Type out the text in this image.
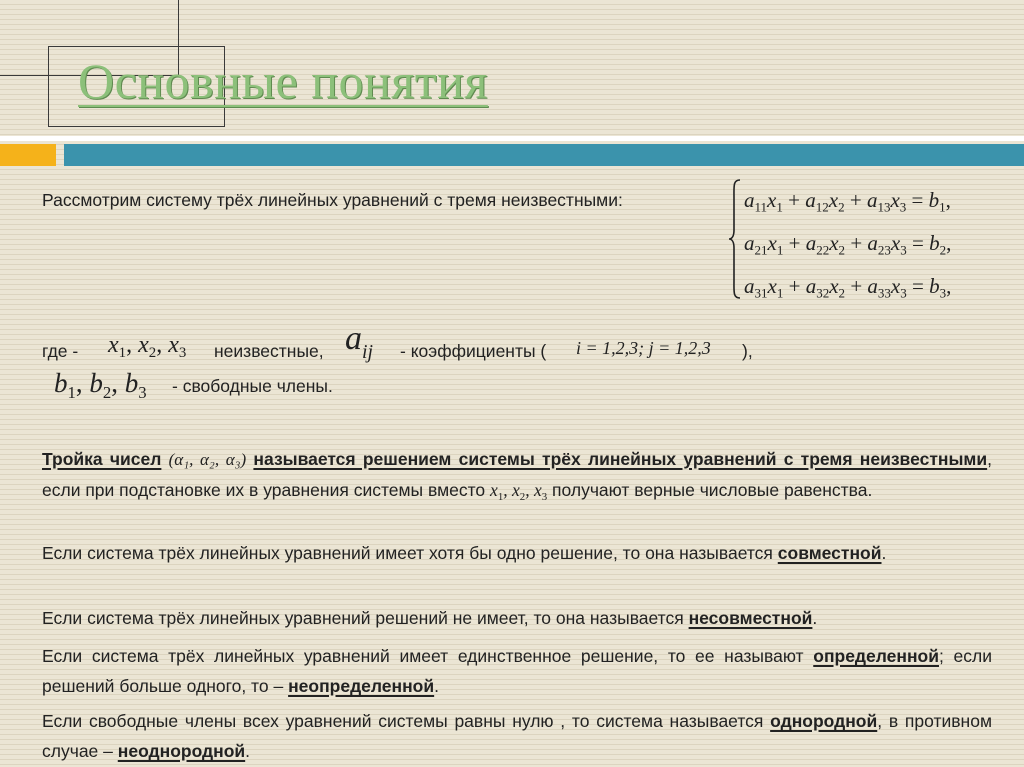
Основные понятия
Рассмотрим систему трёх линейных уравнений с тремя неизвестными:	$a_{11}x_1 + a_{12}x_2 + a_{13}x_3 = b_1$,
$a_{21}x_1 + a_{22}x_2 + a_{23}x_3 = b_2$,
$a_{31}x_1 + a_{32}x_2 + a_{33}x_3 = b_3$,
где - $x_1$, $x_2$, $x_3$ неизвестные, $a_{ij}$ - коэффициенты ( i = 1,2,3; j = 1,2,3 ),
$b_1$, $b_2$, $b_3$ - свободные члены.
Тройка чисел (α₁, α₂, α₃) называется решением системы трёх линейных уравнений с тремя неизвестными, если при подстановке их в уравнения системы вместо $x_1$, $x_2$, $x_3$ получают верные числовые равенства.
Если система трёх линейных уравнений имеет хотя бы одно решение, то она называется совместной.
Если система трёх линейных уравнений решений не имеет, то она называется несовместной.
Если система трёх линейных уравнений имеет единственное решение, то ее называют определенной; если решений больше одного, то – неопределенной.
Если свободные члены всех уравнений системы равны нулю , то система называется однородной, в противном случае – неоднородной.
